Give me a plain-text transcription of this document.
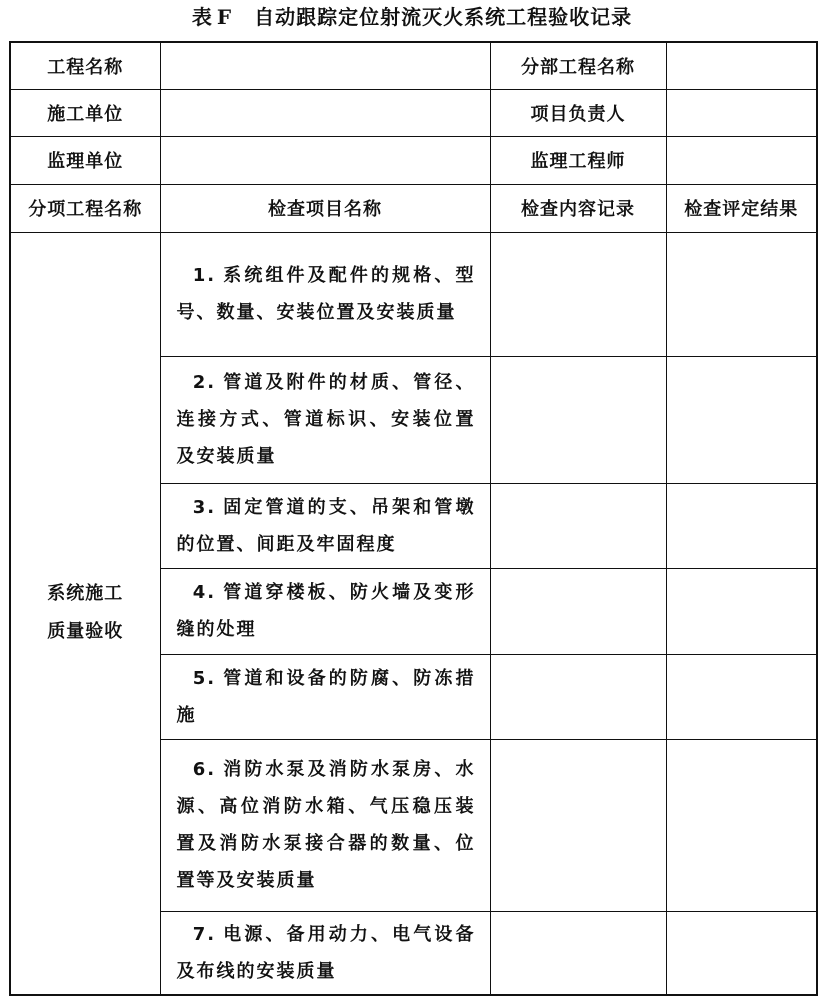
表 F 自动跟踪定位射流灭火系统工程验收记录
工程名称		分部工程名称	
施工单位		项目负责人	
监理单位		监理工程师	
分项工程名称	检查项目名称	检查内容记录	检查评定结果

系统施工
质量验收	1. 系统组件及配件的规格、型号、数量、安装位置及安装质量		
	2. 管道及附件的材质、管径、连接方式、管道标识、安装位置及安装质量		
	3. 固定管道的支、吊架和管墩的位置、间距及牢固程度		
	4. 管道穿楼板、防火墙及变形缝的处理		
	5. 管道和设备的防腐、防冻措施		
	6. 消防水泵及消防水泵房、水源、高位消防水箱、气压稳压装置及消防水泵接合器的数量、位置等及安装质量		
	7. 电源、备用动力、电气设备及布线的安装质量		
